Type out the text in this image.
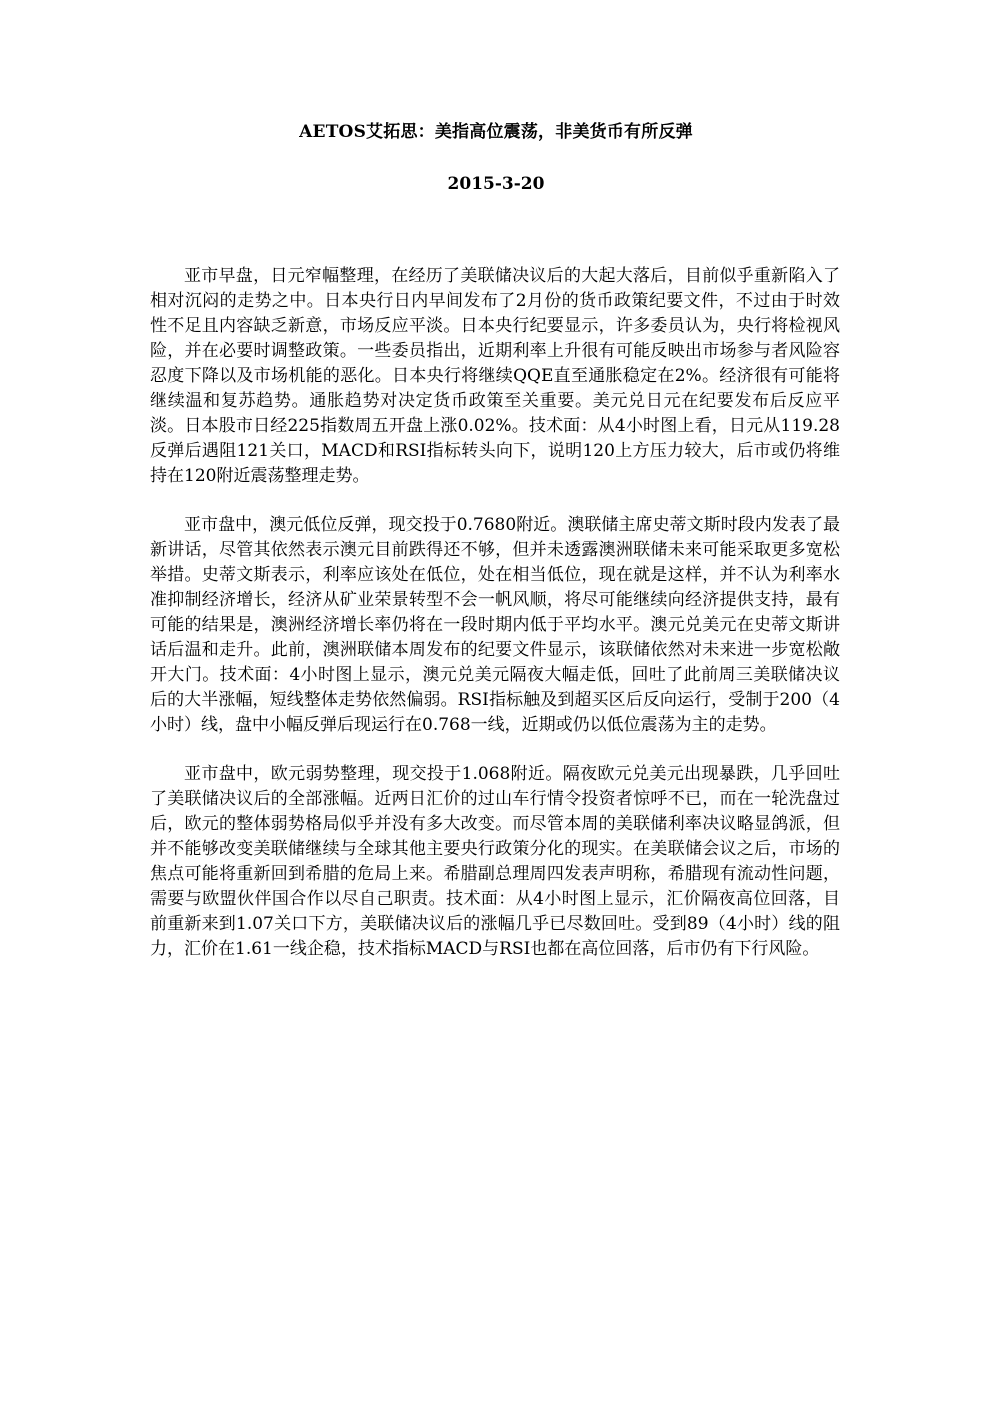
AETOS艾拓思：美指高位震荡，非美货币有所反弹
2015-3-20

亚市早盘，日元窄幅整理，在经历了美联储决议后的大起大落后，目前似乎重新陷入了相对沉闷的走势之中。日本央行日内早间发布了2月份的货币政策纪要文件，不过由于时效性不足且内容缺乏新意，市场反应平淡。日本央行纪要显示，许多委员认为，央行将检视风险，并在必要时调整政策。一些委员指出，近期利率上升很有可能反映出市场参与者风险容忍度下降以及市场机能的恶化。日本央行将继续QQE直至通胀稳定在2%。经济很有可能将继续温和复苏趋势。通胀趋势对决定货币政策至关重要。美元兑日元在纪要发布后反应平淡。日本股市日经225指数周五开盘上涨0.02%。技术面：从4小时图上看，日元从119.28反弹后遇阻121关口，MACD和RSI指标转头向下，说明120上方压力较大，后市或仍将维持在120附近震荡整理走势。

亚市盘中，澳元低位反弹，现交投于0.7680附近。澳联储主席史蒂文斯时段内发表了最新讲话，尽管其依然表示澳元目前跌得还不够，但并未透露澳洲联储未来可能采取更多宽松举措。史蒂文斯表示，利率应该处在低位，处在相当低位，现在就是这样，并不认为利率水准抑制经济增长，经济从矿业荣景转型不会一帆风顺，将尽可能继续向经济提供支持，最有可能的结果是，澳洲经济增长率仍将在一段时期内低于平均水平。澳元兑美元在史蒂文斯讲话后温和走升。此前，澳洲联储本周发布的纪要文件显示，该联储依然对未来进一步宽松敞开大门。技术面：4小时图上显示，澳元兑美元隔夜大幅走低，回吐了此前周三美联储决议后的大半涨幅，短线整体走势依然偏弱。RSI指标触及到超买区后反向运行，受制于200（4小时）线，盘中小幅反弹后现运行在0.768一线，近期或仍以低位震荡为主的走势。

亚市盘中，欧元弱势整理，现交投于1.068附近。隔夜欧元兑美元出现暴跌，几乎回吐了美联储决议后的全部涨幅。近两日汇价的过山车行情令投资者惊呼不已，而在一轮洗盘过后，欧元的整体弱势格局似乎并没有多大改变。而尽管本周的美联储利率决议略显鸽派，但并不能够改变美联储继续与全球其他主要央行政策分化的现实。在美联储会议之后，市场的焦点可能将重新回到希腊的危局上来。希腊副总理周四发表声明称，希腊现有流动性问题，需要与欧盟伙伴国合作以尽自己职责。技术面：从4小时图上显示，汇价隔夜高位回落，目前重新来到1.07关口下方，美联储决议后的涨幅几乎已尽数回吐。受到89（4小时）线的阻力，汇价在1.61一线企稳，技术指标MACD与RSI也都在高位回落，后市仍有下行风险。
